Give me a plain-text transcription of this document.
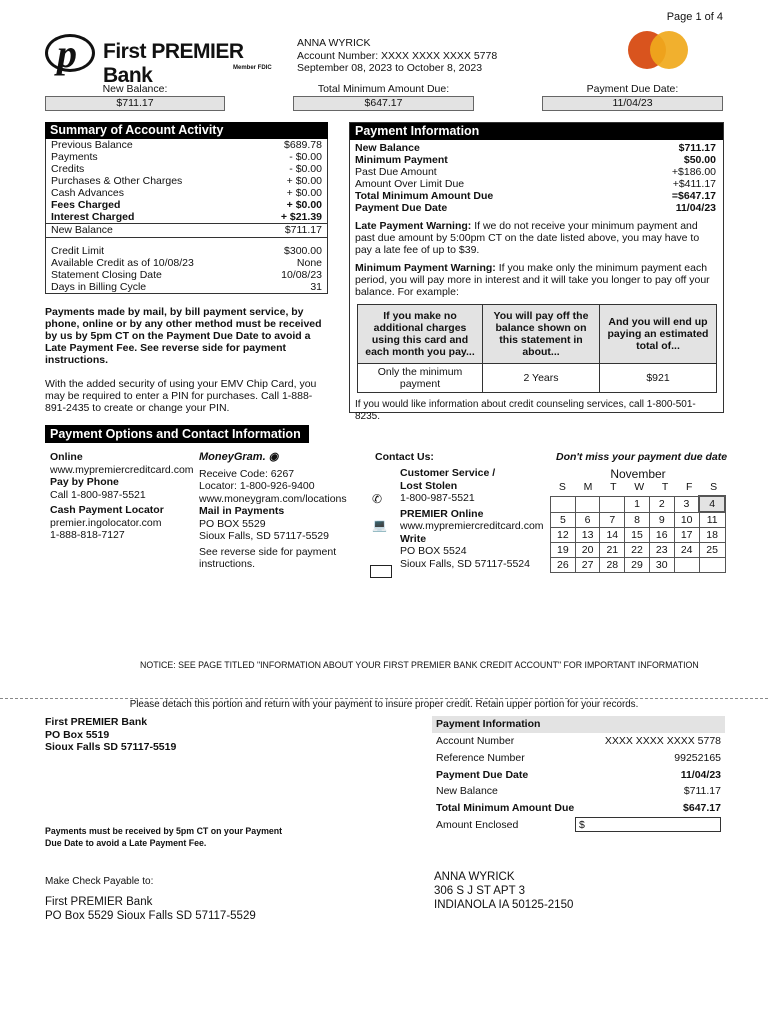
Page 1 of 4
p First PREMIER Bank	Member FDIC
ANNA WYRICK
Account Number: XXXX XXXX XXXX 5778
September 08, 2023 to October 8, 2023
New Balance:
$711.17
Total Minimum Amount Due:
$647.17
Payment Due Date:
11/04/23
Summary of Account Activity
Previous Balance	$689.78
Payments	- $0.00
Credits	- $0.00
Purchases & Other Charges	+ $0.00
Cash Advances	+ $0.00
Fees Charged	+ $0.00
Interest Charged	+ $21.39
New Balance	$711.17
Credit Limit	$300.00
Available Credit as of 10/08/23	None
Statement Closing Date	10/08/23
Days in Billing Cycle	31
Payments made by mail, by bill payment service, by phone, online or by any other method must be received by us by 5pm CT on the Payment Due Date to avoid a Late Payment Fee. See reverse side for payment instructions.
With the added security of using your EMV Chip Card, you may be required to enter a PIN for purchases. Call 1-888-891-2435 to create or change your PIN.
Payment Information
New Balance	$711.17
Minimum Payment	$50.00
Past Due Amount	+$186.00
Amount Over Limit Due	+$411.17
Total Minimum Amount Due	=$647.17
Payment Due Date	11/04/23
Late Payment Warning: If we do not receive your minimum payment and past due amount by 5:00pm CT on the date listed above, you may have to pay a late fee of up to $39.
Minimum Payment Warning: If you make only the minimum payment each period, you will pay more in interest and it will take you longer to pay off your balance. For example:
If you make no additional charges using this card and each month you pay...	You will pay off the balance shown on this statement in about...	And you will end up paying an estimated total of...
Only the minimum payment	2 Years	$921
If you would like information about credit counseling services, call 1-800-501-8235.
Payment Options and Contact Information
Online
www.mypremiercreditcard.com
Pay by Phone
Call 1-800-987-5521
Cash Payment Locator
premier.ingolocator.com
1-888-818-7127
MoneyGram. ◉
Receive Code: 6267
Locator: 1-800-926-9400
www.moneygram.com/locations
Mail in Payments
PO BOX 5529
Sioux Falls, SD 57117-5529
See reverse side for payment instructions.
Contact Us:
✆
💻
Customer Service /
Lost Stolen
1-800-987-5521
PREMIER Online
www.mypremiercreditcard.com
Write
PO BOX 5524
Sioux Falls, SD 57117-5524
Don't miss your payment due date
November
S M T W T F S
			1	2	3	4
5	6	7	8	9	10	11
12	13	14	15	16	17	18
19	20	21	22	23	24	25
26	27	28	29	30		
NOTICE: SEE PAGE TITLED "INFORMATION ABOUT YOUR FIRST PREMIER BANK CREDIT ACCOUNT" FOR IMPORTANT INFORMATION
Please detach this portion and return with your payment to insure proper credit. Retain upper portion for your records.
First PREMIER Bank
PO Box 5519
Sioux Falls SD 57117-5519
Payments must be received by 5pm CT on your Payment Due Date to avoid a Late Payment Fee.
Make Check Payable to:
First PREMIER Bank
PO Box 5529 Sioux Falls SD 57117-5529
ANNA WYRICK
306 S J ST APT 3
INDIANOLA IA 50125-2150
Payment Information
Account Number	XXXX XXXX XXXX 5778
Reference Number	99252165
Payment Due Date	11/04/23
New Balance	$711.17
Total Minimum Amount Due	$647.17
Amount Enclosed	$
